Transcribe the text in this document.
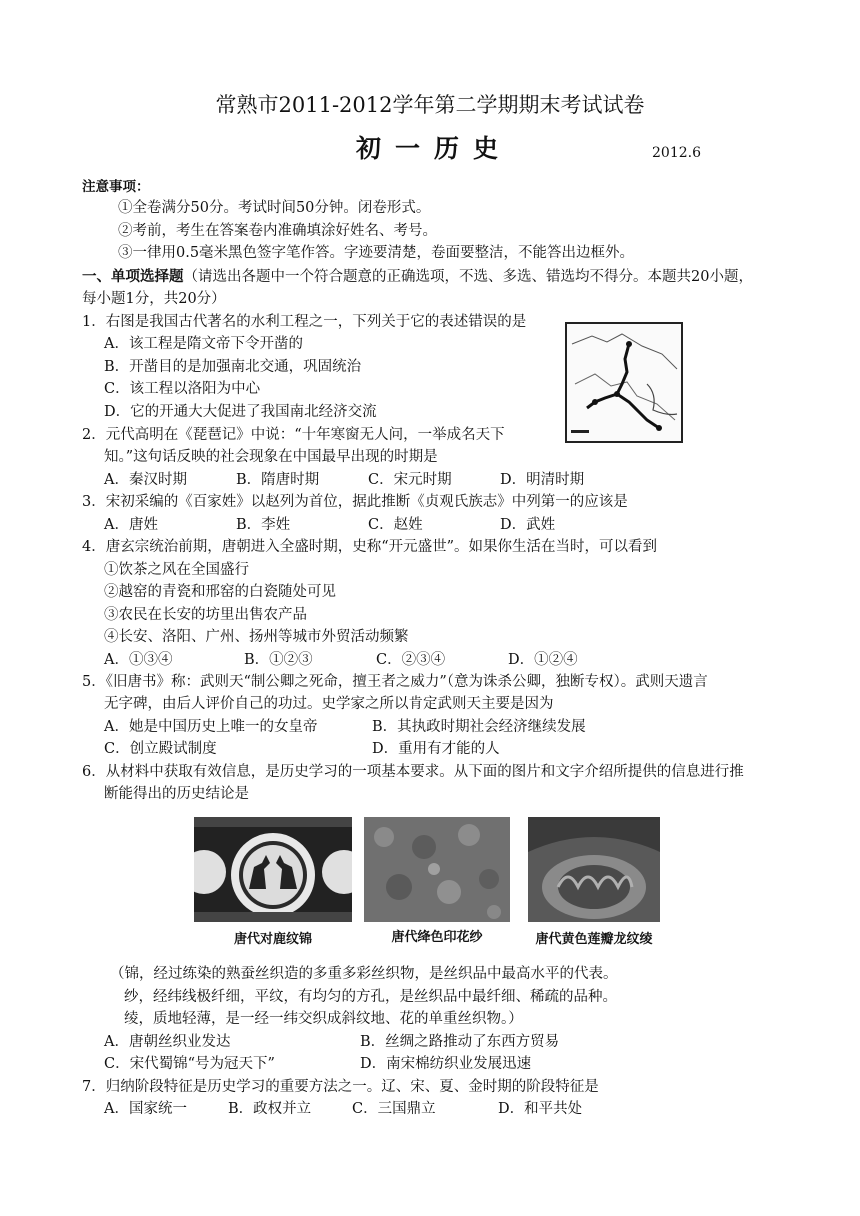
常熟市2011-2012学年第二学期期末考试试卷
初一历史	2012.6
注意事项：
①全卷满分50分。考试时间50分钟。闭卷形式。
②考前，考生在答案卷内准确填涂好姓名、考号。
③一律用0.5毫米黑色签字笔作答。字迹要清楚，卷面要整洁，不能答出边框外。
一、单项选择题（请选出各题中一个符合题意的正确选项，不选、多选、错选均不得分。本题共20小题，
每小题1分，共20分）
1．右图是我国古代著名的水利工程之一，下列关于它的表述错误的是
A．该工程是隋文帝下令开凿的
B．开凿目的是加强南北交通，巩固统治
C．该工程以洛阳为中心
D．它的开通大大促进了我国南北经济交流
2．元代高明在《琵琶记》中说：“十年寒窗无人问，一举成名天下
知。”这句话反映的社会现象在中国最早出现的时期是
A．秦汉时期	B．隋唐时期	C．宋元时期	D．明清时期
3．宋初采编的《百家姓》以赵列为首位，据此推断《贞观氏族志》中列第一的应该是
A．唐姓	B．李姓	C．赵姓	D．武姓
4．唐玄宗统治前期，唐朝进入全盛时期，史称“开元盛世”。如果你生活在当时，可以看到
①饮茶之风在全国盛行
②越窑的青瓷和邢窑的白瓷随处可见
③农民在长安的坊里出售农产品
④长安、洛阳、广州、扬州等城市外贸活动频繁
A．①③④	B．①②③	C．②③④	D．①②④
5．《旧唐书》称：武则天“制公卿之死命，擅王者之威力”（意为诛杀公卿，独断专权）。武则天遗言
无字碑，由后人评价自己的功过。史学家之所以肯定武则天主要是因为
A．她是中国历史上唯一的女皇帝	B．其执政时期社会经济继续发展
C．创立殿试制度	D．重用有才能的人
6．从材料中获取有效信息，是历史学习的一项基本要求。从下面的图片和文字介绍所提供的信息进行推
断能得出的历史结论是
唐代对鹿纹锦	唐代绛色印花纱	唐代黄色莲瓣龙纹绫
（锦，经过练染的熟蚕丝织造的多重多彩丝织物，是丝织品中最高水平的代表。
纱，经纬线极纤细，平纹，有均匀的方孔，是丝织品中最纤细、稀疏的品种。
绫，质地轻薄，是一经一纬交织成斜纹地、花的单重丝织物。）
A．唐朝丝织业发达	B．丝绸之路推动了东西方贸易
C．宋代蜀锦“号为冠天下”	D．南宋棉纺织业发展迅速
7．归纳阶段特征是历史学习的重要方法之一。辽、宋、夏、金时期的阶段特征是
A．国家统一	B．政权并立	C．三国鼎立	D．和平共处
